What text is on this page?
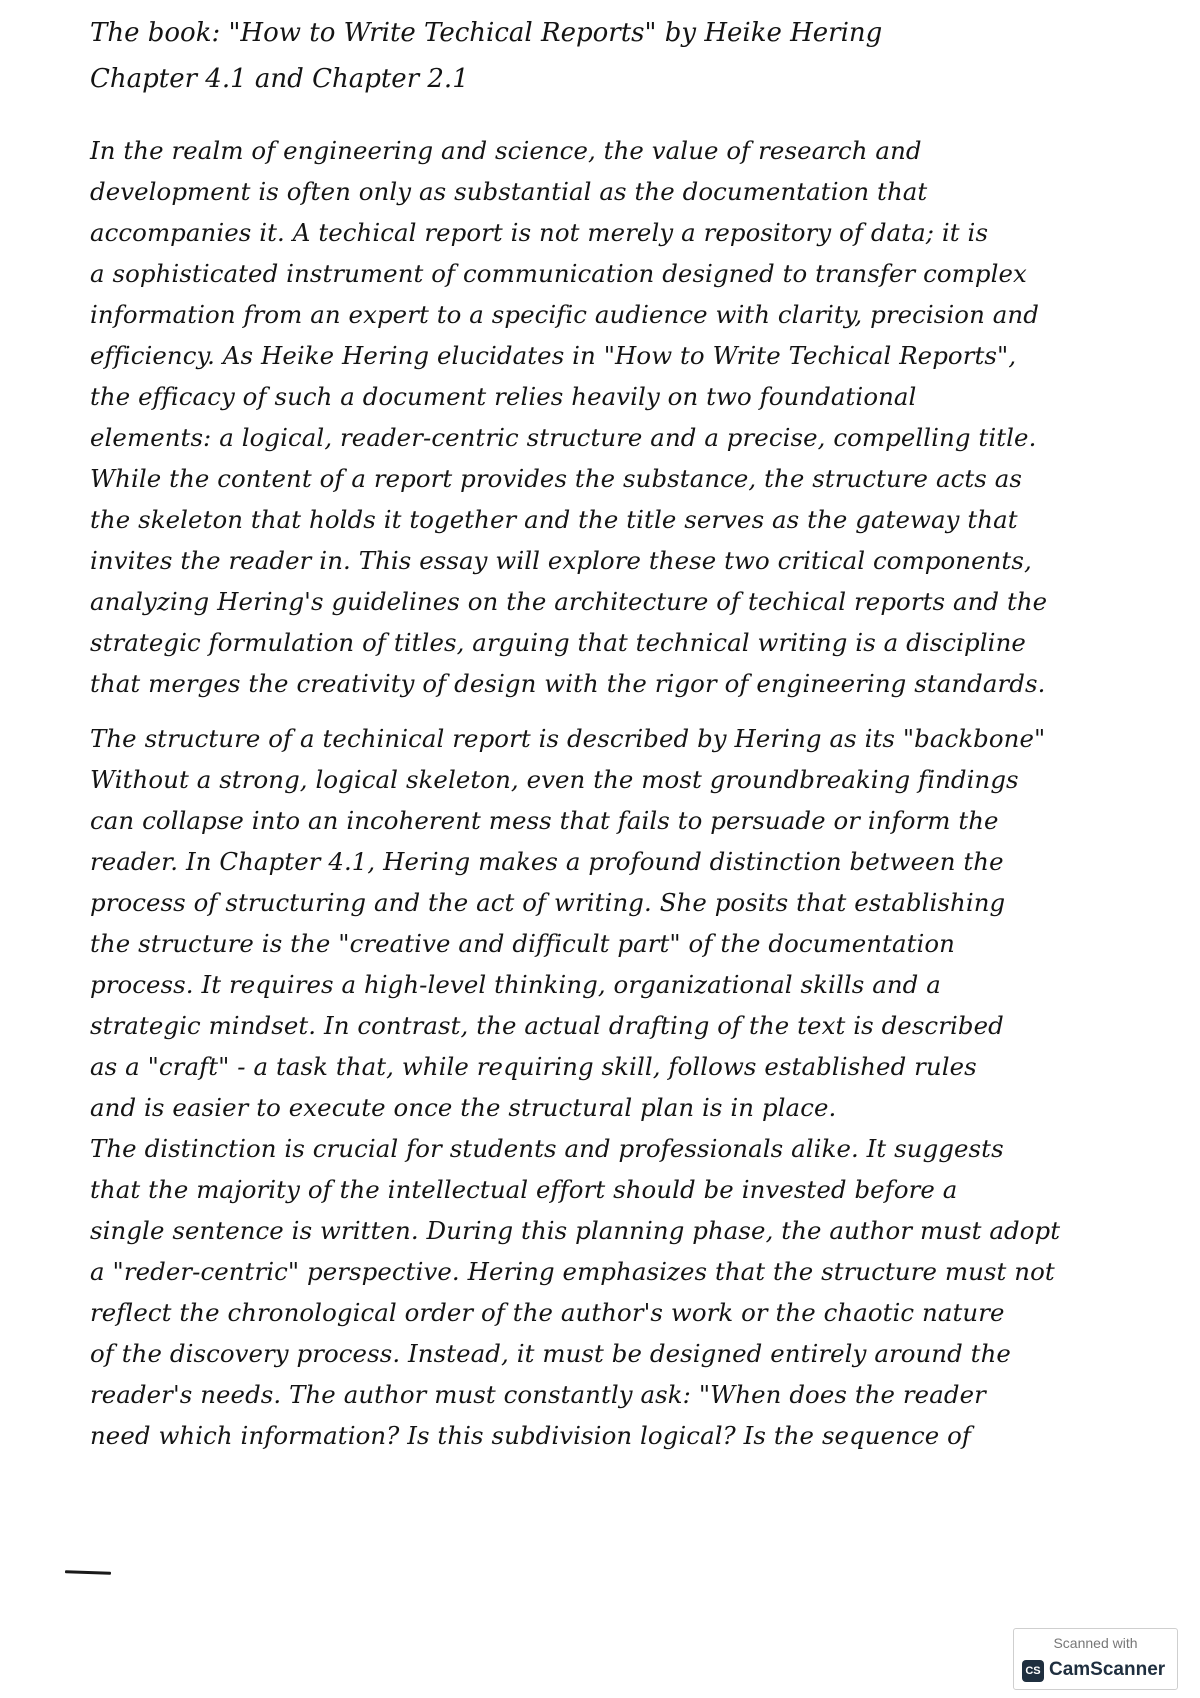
The book: "How to Write Techical Reports" by Heike Hering
Chapter 4.1 and Chapter 2.1
In the realm of engineering and science, the value of research and
development is often only as substantial as the documentation that
accompanies it. A techical report is not merely a repository of data; it is
a sophisticated instrument of communication designed to transfer complex
information from an expert to a specific audience with clarity, precision and
efficiency. As Heike Hering elucidates in "How to Write Techical Reports",
the efficacy of such a document relies heavily on two foundational
elements: a logical, reader-centric structure and a precise, compelling title.
While the content of a report provides the substance, the structure acts as
the skeleton that holds it together and the title serves as the gateway that
invites the reader in. This essay will explore these two critical components,
analyzing Hering's guidelines on the architecture of techical reports and the
strategic formulation of titles, arguing that technical writing is a discipline
that merges the creativity of design with the rigor of engineering standards.
The structure of a techinical report is described by Hering as its "backbone"
Without a strong, logical skeleton, even the most groundbreaking findings
can collapse into an incoherent mess that fails to persuade or inform the
reader. In Chapter 4.1, Hering makes a profound distinction between the
process of structuring and the act of writing. She posits that establishing
the structure is the "creative and difficult part" of the documentation
process. It requires a high-level thinking, organizational skills and a
strategic mindset. In contrast, the actual drafting of the text is described
as a "craft" - a task that, while requiring skill, follows established rules
and is easier to execute once the structural plan is in place.
The distinction is crucial for students and professionals alike. It suggests
that the majority of the intellectual effort should be invested before a
single sentence is written. During this planning phase, the author must adopt
a "reder-centric" perspective. Hering emphasizes that the structure must not
reflect the chronological order of the author's work or the chaotic nature
of the discovery process. Instead, it must be designed entirely around the
reader's needs. The author must constantly ask: "When does the reader
need which information? Is this subdivision logical? Is the sequence of
Scanned with
CS CamScanner
